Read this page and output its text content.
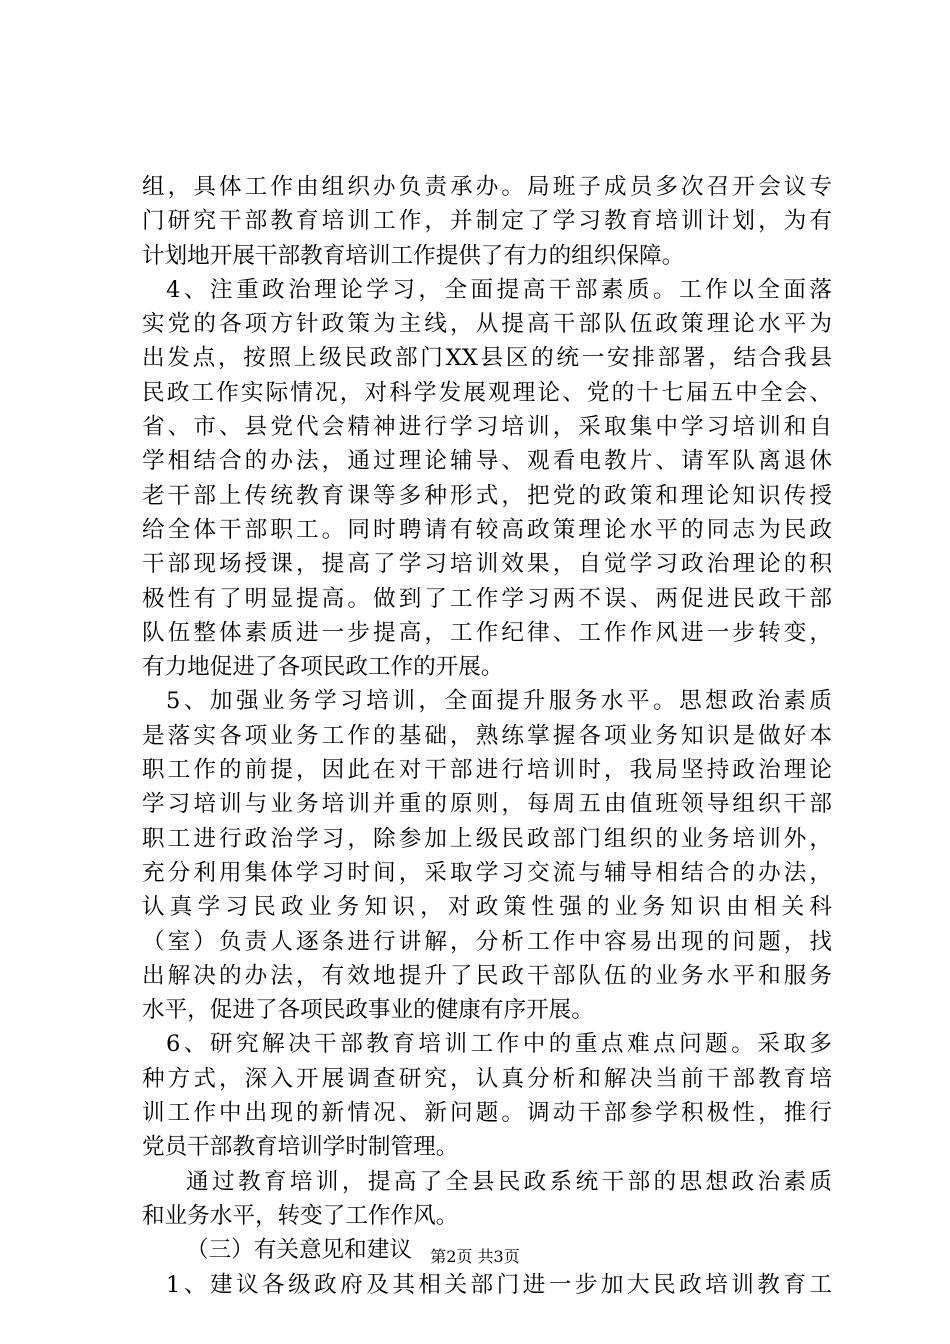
组，具体工作由组织办负责承办。局班子成员多次召开会议专
门研究干部教育培训工作，并制定了学习教育培训计划，为有
计划地开展干部教育培训工作提供了有力的组织保障。
4、注重政治理论学习，全面提高干部素质。工作以全面落
实党的各项方针政策为主线，从提高干部队伍政策理论水平为
出发点，按照上级民政部门XX县区的统一安排部署，结合我县
民政工作实际情况，对科学发展观理论、党的十七届五中全会、
省、市、县党代会精神进行学习培训，采取集中学习培训和自
学相结合的办法，通过理论辅导、观看电教片、请军队离退休
老干部上传统教育课等多种形式，把党的政策和理论知识传授
给全体干部职工。同时聘请有较高政策理论水平的同志为民政
干部现场授课，提高了学习培训效果，自觉学习政治理论的积
极性有了明显提高。做到了工作学习两不误、两促进民政干部
队伍整体素质进一步提高，工作纪律、工作作风进一步转变，
有力地促进了各项民政工作的开展。
5、加强业务学习培训，全面提升服务水平。思想政治素质
是落实各项业务工作的基础，熟练掌握各项业务知识是做好本
职工作的前提，因此在对干部进行培训时，我局坚持政治理论
学习培训与业务培训并重的原则，每周五由值班领导组织干部
职工进行政治学习，除参加上级民政部门组织的业务培训外，
充分利用集体学习时间，采取学习交流与辅导相结合的办法，
认真学习民政业务知识，对政策性强的业务知识由相关科
（室）负责人逐条进行讲解，分析工作中容易出现的问题，找
出解决的办法，有效地提升了民政干部队伍的业务水平和服务
水平，促进了各项民政事业的健康有序开展。
6、研究解决干部教育培训工作中的重点难点问题。采取多
种方式，深入开展调查研究，认真分析和解决当前干部教育培
训工作中出现的新情况、新问题。调动干部参学积极性，推行
党员干部教育培训学时制管理。
通过教育培训，提高了全县民政系统干部的思想政治素质
和业务水平，转变了工作作风。
（三）有关意见和建议
1、建议各级政府及其相关部门进一步加大民政培训教育工
第2页 共3页
